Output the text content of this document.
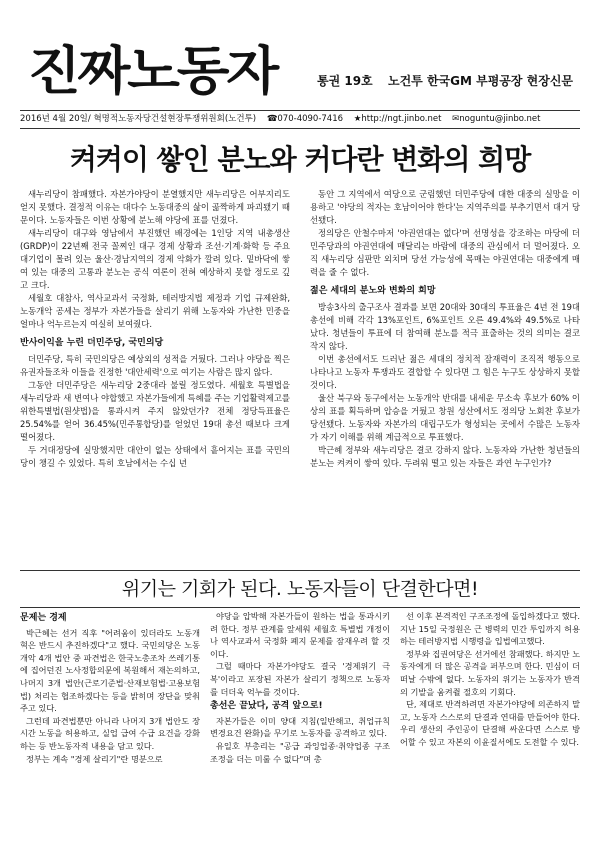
진짜노동자	통권 19호 노건투 한국GM 부평공장 현장신문
2016년 4월 20일/ 혁명적노동자당건설현장투쟁위원회(노건투) ☎070-4090-7416 ★http://ngt.jinbo.net ✉noguntu@jinbo.net
켜켜이 쌓인 분노와 커다란 변화의 희망

새누리당이 참패했다. 자본가야당이 분열했지만 새누리당은 어부지리도 얻지 못했다. 결정적 이유는 대다수 노동대중의 삶이 곪짝하게 파괴됐기 때문이다. 노동자들은 이번 상황에 분노해 야당에 표를 던졌다.

새누리당이 대구와 영남에서 부진했던 배경에는 1인당 지역 내총생산(GRDP)이 22년째 전국 꼴찌인 대구 경제 상황과 조선·기계·화학 등 주요 대기업이 몰려 있는 울산·경남지역의 경제 악화가 깔려 있다. 밑바닥에 쌓여 있는 대중의 고통과 분노는 공식 여론이 전혀 예상하지 못할 정도로 깊고 크다.

세월호 대참사, 역사교과서 국정화, 테러방지법 제정과 기업 규제완화, 노동개악 공세는 정부가 자본가들을 살리기 위해 노동자와 가난한 민중을 얼마나 억누르는지 여실히 보여줬다.

반사이익을 누린 더민주당, 국민의당

더민주당, 특히 국민의당은 예상외의 성적을 거뒀다. 그러나 야당을 찍은 유권자들조차 이들을 진정한 '대안세력'으로 여기는 사람은 많지 않다.

그동안 더민주당은 새누리당 2중대라 불릴 정도였다. 세월호 특별법을 새누리당과 새 변여나 야합했고 자본가들에게 특혜를 주는 기업활력제고를위한특별법(원샷법)을 통과시켜 주지 않았던가? 전체 정당득표율은 25.54%를 얻어 36.45%(민주통합당)를 얻었던 19대 총선 때보다 크게 떨어졌다.

두 거대정당에 실망했지만 대안이 없는 상태에서 흩어지는 표를 국민의당이 챙길 수 있었다. 특히 호남에서는 수십 년

동안 그 지역에서 여당으로 군림했던 더민주당에 대한 대중의 실망을 이용하고 '야당의 적자는 호남이어야 한다'는 지역주의를 부추기면서 대거 당선됐다.

정의당은 안철수마저 '야권연대는 없다'며 선명성을 강조하는 마당에 더민주당과의 야권연대에 매달리는 바람에 대중의 관심에서 더 멀어졌다. 오직 새누리당 심판만 외치며 당선 가능성에 목매는 야권연대는 대중에게 매력을 줄 수 없다.

젊은 세대의 분노와 변화의 희망

방송3사의 출구조사 결과를 보면 20대와 30대의 투표율은 4년 전 19대 총선에 비해 각각 13%포인트, 6%포인트 오른 49.4%와 49.5%로 나타났다. 청년들이 투표에 더 참여해 분노를 적극 표출하는 것의 의미는 결코 작지 않다.

이번 총선에서도 드러난 젊은 세대의 정치적 잠재력이 조직적 행동으로 나타나고 노동자 투쟁과도 결합할 수 있다면 그 힘은 누구도 상상하지 못할 것이다.

울산 북구와 동구에서는 노동개악 반대를 내세운 무소속 후보가 60% 이상의 표를 획득하며 압승을 거뒀고 창원 성산에서도 정의당 노회찬 후보가 당선됐다. 노동자와 자본가의 대립구도가 형성되는 곳에서 수많은 노동자가 자기 이해를 위해 계급적으로 투표했다.

박근혜 정부와 새누리당은 결코 강하지 않다. 노동자와 가난한 청년들의 분노는 켜켜이 쌓여 있다. 두려워 떨고 있는 자들은 과연 누구인가?

위기는 기회가 된다. 노동자들이 단결한다면!
문제는 경제

박근혜는 선거 직후 "어려움이 있더라도 노동개혁은 반드시 추진하겠다"고 했다. 국민의당은 노동개악 4개 법안 중 파견법은 한국노총조차 쓰레기통에 집어던진 노사정합의문에 복원해서 재논의하고, 나머지 3개 법안(근로기준법·산재보험법·고용보험법) 처리는 협조하겠다는 등을 밝히며 장단을 맞춰주고 있다.

그런데 파견법뿐만 아니라 나머지 3개 법안도 장시간 노동을 허용하고, 실업 급여 수급 요건을 강화하는 등 반노동자적 내용을 담고 있다.

정부는 계속 "경제 살리기"란 명분으로

야당을 압박해 자본가들이 원하는 법을 통과시키려 한다. 정부 관계를 앞세워 세월호 특별법 개정이나 역사교과서 국정화 폐지 문제를 잠재우려 할 것이다.

그럴 때마다 자본가야당도 결국 '경제위기 극복'이라고 포장된 자본가 살리기 정책으로 노동자를 더더욱 억누를 것이다.

총선은 끝났다, 공격 앞으로!

자본가들은 이미 양대 지침(일반해고, 취업규칙 변경요건 완화)을 무기로 노동자를 공격하고 있다.

유일호 부총리는 "공급 과잉업종·취약업종 구조조정을 더는 미룰 수 없다"며 총

선 이후 본격적인 구조조정에 돌입하겠다고 했다. 지난 15일 국정원은 근 병력의 민간 투입까지 허용하는 테러방지법 시행령을 입법예고했다.

정부와 집권여당은 선거에선 참패했다. 하지만 노동자에게 더 많은 공격을 퍼부으며 한다. 민심이 더 떠날 수밖에 없다. 노동자의 위기는 노동자가 반격의 기발을 움켜쥘 절호의 기회다.

단, 제대로 반격하려면 자본가야당에 의존하지 말고, 노동자 스스로의 단결과 연대를 만들어야 한다. 우리 생산의 주인공이 단결해 싸운다면 스스로 방어할 수 있고 자본의 이윤질서에도 도전할 수 있다.
